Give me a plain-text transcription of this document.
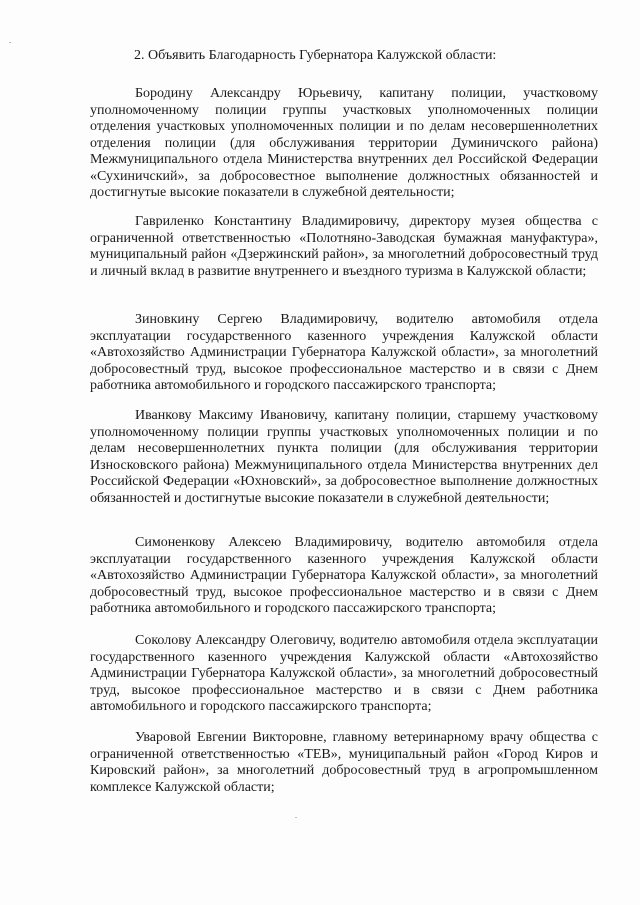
2. Объявить Благодарность Губернатора Калужской области:

Бородину Александру Юрьевичу, капитану полиции, участковому уполномоченному полиции группы участковых уполномоченных полиции отделения участковых уполномоченных полиции и по делам несовершеннолетних отделения полиции (для обслуживания территории Думиничского района) Межмуниципального отдела Министерства внутренних дел Российской Федерации «Сухиничский», за добросовестное выполнение должностных обязанностей и достигнутые высокие показатели в служебной деятельности;

Гавриленко Константину Владимировичу, директору музея общества с ограниченной ответственностью «Полотняно-Заводская бумажная мануфактура», муниципальный район «Дзержинский район», за многолетний добросовестный труд и личный вклад в развитие внутреннего и въездного туризма в Калужской области;

Зиновкину Сергею Владимировичу, водителю автомобиля отдела эксплуатации государственного казенного учреждения Калужской области «Автохозяйство Администрации Губернатора Калужской области», за многолетний добросовестный труд, высокое профессиональное мастерство и в связи с Днем работника автомобильного и городского пассажирского транспорта;

Иванкову Максиму Ивановичу, капитану полиции, старшему участковому уполномоченному полиции группы участковых уполномоченных полиции и по делам несовершеннолетних пункта полиции (для обслуживания территории Износковского района) Межмуниципального отдела Министерства внутренних дел Российской Федерации «Юхновский», за добросовестное выполнение должностных обязанностей и достигнутые высокие показатели в служебной деятельности;

Симоненкову Алексею Владимировичу, водителю автомобиля отдела эксплуатации государственного казенного учреждения Калужской области «Автохозяйство Администрации Губернатора Калужской области», за многолетний добросовестный труд, высокое профессиональное мастерство и в связи с Днем работника автомобильного и городского пассажирского транспорта;

Соколову Александру Олеговичу, водителю автомобиля отдела эксплуатации государственного казенного учреждения Калужской области «Автохозяйство Администрации Губернатора Калужской области», за многолетний добросовестный труд, высокое профессиональное мастерство и в связи с Днем работника автомобильного и городского пассажирского транспорта;

Уваровой Евгении Викторовне, главному ветеринарному врачу общества с ограниченной ответственностью «ТЕВ», муниципальный район «Город Киров и Кировский район», за многолетний добросовестный труд в агропромышленном комплексе Калужской области;
